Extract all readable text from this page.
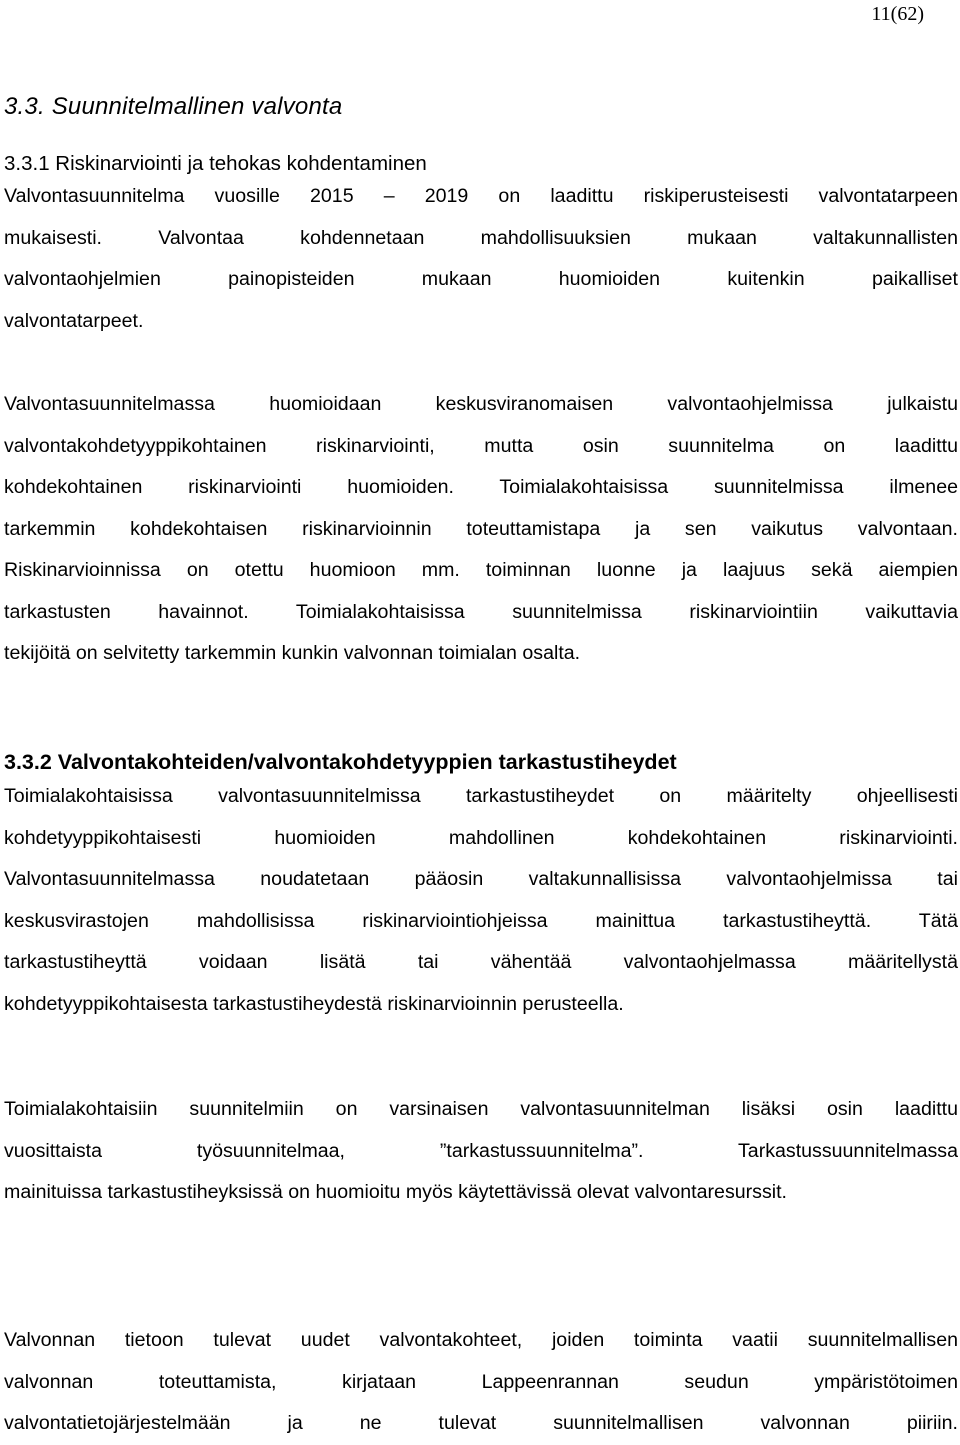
11(62)
3.3. Suunnitelmallinen valvonta
3.3.1 Riskinarviointi ja tehokas kohdentaminen

Valvontasuunnitelma vuosille 2015 – 2019 on laadittu riskiperusteisesti valvontatarpeen
mukaisesti. Valvontaa kohdennetaan mahdollisuuksien mukaan valtakunnallisten
valvontaohjelmien painopisteiden mukaan huomioiden kuitenkin paikalliset
valvontatarpeet.

Valvontasuunnitelmassa huomioidaan keskusviranomaisen valvontaohjelmissa julkaistu
valvontakohdetyyppikohtainen riskinarviointi, mutta osin suunnitelma on laadittu
kohdekohtainen riskinarviointi huomioiden. Toimialakohtaisissa suunnitelmissa ilmenee
tarkemmin kohdekohtaisen riskinarvioinnin toteuttamistapa ja sen vaikutus valvontaan.
Riskinarvioinnissa on otettu huomioon mm. toiminnan luonne ja laajuus sekä aiempien
tarkastusten havainnot. Toimialakohtaisissa suunnitelmissa riskinarviointiin vaikuttavia
tekijöitä on selvitetty tarkemmin kunkin valvonnan toimialan osalta.

3.3.2 Valvontakohteiden/valvontakohdetyyppien tarkastustiheydet

Toimialakohtaisissa valvontasuunnitelmissa tarkastustiheydet on määritelty ohjeellisesti
kohdetyyppikohtaisesti huomioiden mahdollinen kohdekohtainen riskinarviointi.
Valvontasuunnitelmassa noudatetaan pääosin valtakunnallisissa valvontaohjelmissa tai
keskusvirastojen mahdollisissa riskinarviointiohjeissa mainittua tarkastustiheyttä. Tätä
tarkastustiheyttä voidaan lisätä tai vähentää valvontaohjelmassa määritellystä
kohdetyyppikohtaisesta tarkastustiheydestä riskinarvioinnin perusteella.

Toimialakohtaisiin suunnitelmiin on varsinaisen valvontasuunnitelman lisäksi osin laadittu
vuosittaista työsuunnitelmaa, ”tarkastussuunnitelma”. Tarkastussuunnitelmassa
mainituissa tarkastustiheyksissä on huomioitu myös käytettävissä olevat valvontaresurssit.

Valvonnan tietoon tulevat uudet valvontakohteet, joiden toiminta vaatii suunnitelmallisen
valvonnan toteuttamista, kirjataan Lappeenrannan seudun ympäristötoimen
valvontatietojärjestelmään ja ne tulevat suunnitelmallisen valvonnan piiriin.
